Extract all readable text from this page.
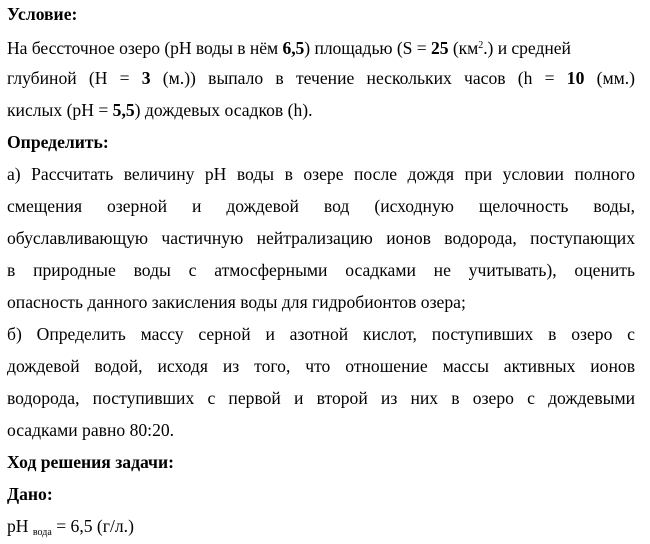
Условие:
На бессточное озеро (pH воды в нём 6,5) площадью (S = 25 $(км^2.)$ и средней
глубиной (H = 3 (м.)) выпало в течение нескольких часов (h = 10 (мм.)
кислых (pH = 5,5) дождевых осадков (h).
Определить:
а) Рассчитать величину pH воды в озере после дождя при условии полного
смещения озерной и дождевой вод (исходную щелочность воды,
обуславливающую частичную нейтрализацию ионов водорода, поступающих
в природные воды с атмосферными осадками не учитывать), оценить
опасность данного закисления воды для гидробионтов озера;
б) Определить массу серной и азотной кислот, поступивших в озеро с
дождевой водой, исходя из того, что отношение массы активных ионов
водорода, поступивших с первой и второй из них в озеро с дождевыми
осадками равно 80:20.
Ход решения задачи:
Дано:
pH $_{вода}$ = 6,5 (г/л.)
